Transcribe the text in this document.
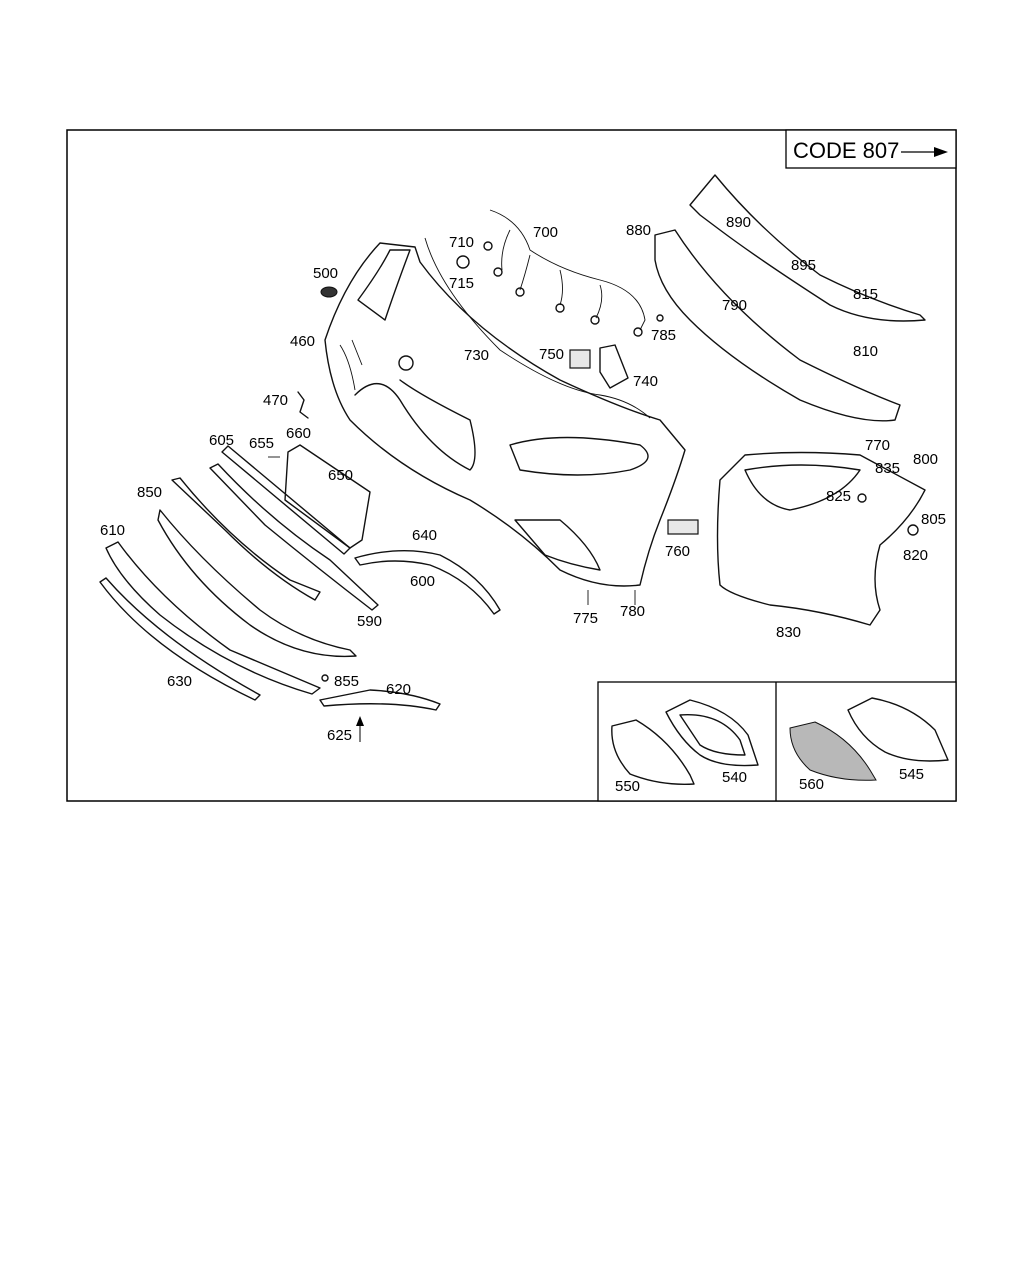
CODE 807
500
460
470
605 655
660
650
850
610
590
630	855 620
625
640
600
710
715
700
730	750
740
785
775 780
760
880	890
895
790
815
810
770
835
800
825
805
820
830
550
540	560
545
